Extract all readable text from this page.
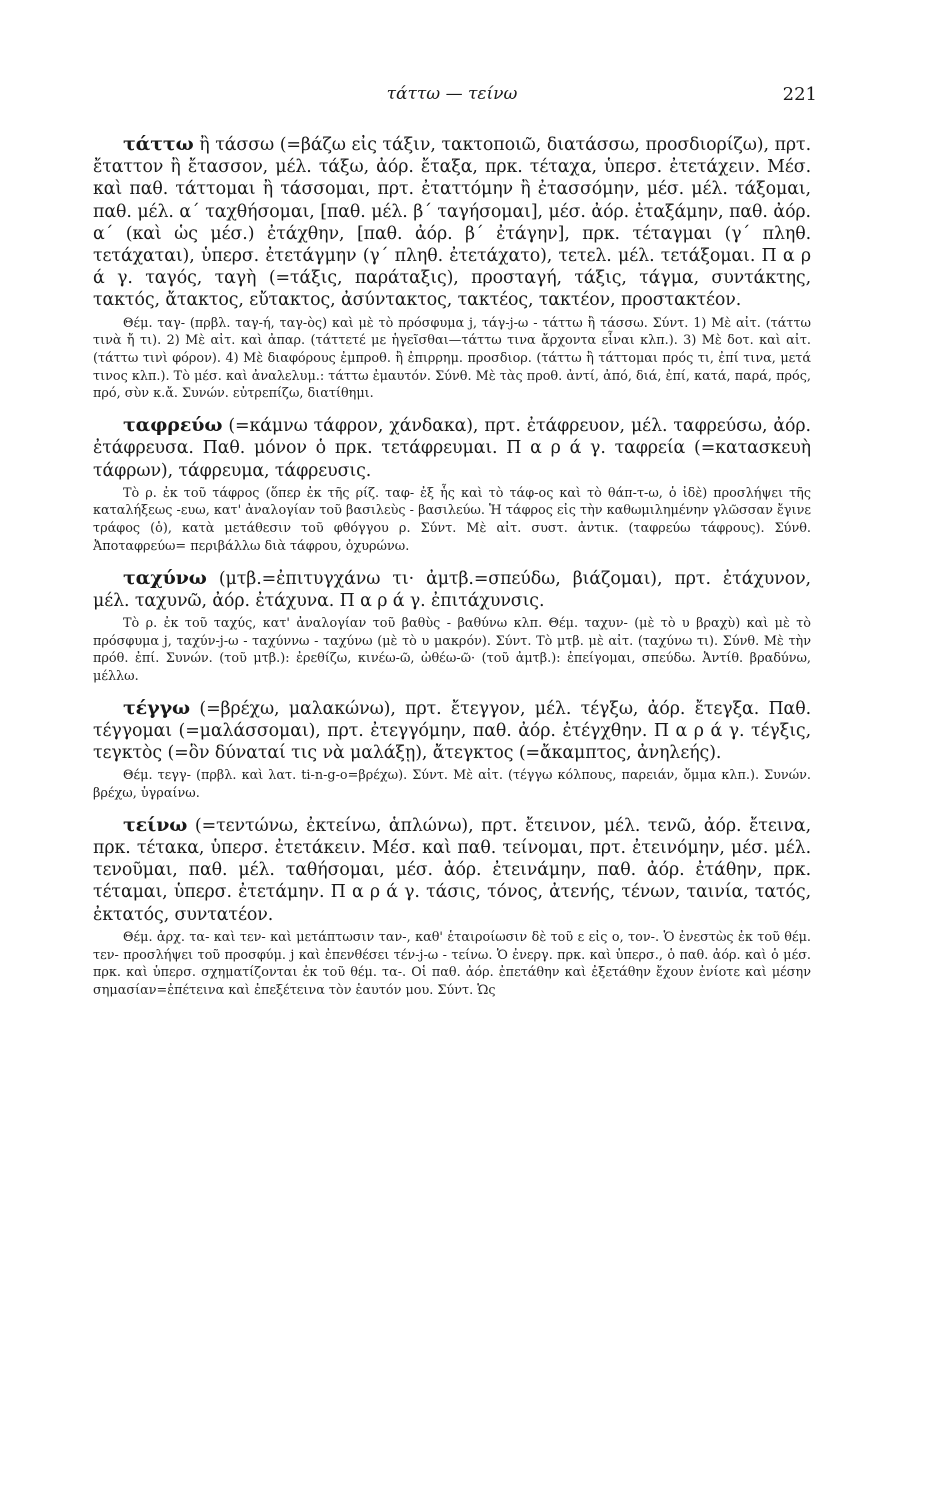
τάττω — τείνω	221

τάττω ἢ τάσσω (=βάζω εἰς τάξιν, τακτοποιῶ, διατάσσω, προσδιορίζω), πρτ. ἔταττον ἢ ἔτασσον, μέλ. τάξω, ἀόρ. ἔταξα, πρκ. τέταχα, ὑπερσ. ἐτετάχειν. Μέσ. καὶ παθ. τάττομαι ἢ τάσσομαι, πρτ. ἐταττόμην ἢ ἐτασσόμην, μέσ. μέλ. τάξομαι, παθ. μέλ. α΄ ταχθήσομαι, [παθ. μέλ. β΄ ταγήσομαι], μέσ. ἀόρ. ἐταξάμην, παθ. ἀόρ. α΄ (καὶ ὡς μέσ.) ἐτάχθην, [παθ. ἀόρ. β΄ ἐτάγην], πρκ. τέταγμαι (γ΄ πληθ. τετάχαται), ὑπερσ. ἐτετάγμην (γ΄ πληθ. ἐτετάχατο), τετελ. μέλ. τετάξομαι. Π α ρ ά γ. ταγός, ταγὴ (=τάξις, παράταξις), προσταγή, τάξις, τάγμα, συντάκτης, τακτός, ἄτακτος, εὔτακτος, ἀσύντακτος, τακτέος, τακτέον, προστακτέον.

Θέμ. ταγ- (πρβλ. ταγ-ή, ταγ-ὸς) καὶ μὲ τὸ πρόσφυμα j, τάγ-j-ω - τάττω ἢ τάσσω. Σύντ. 1) Μὲ αἰτ. (τάττω τινὰ ἤ τι). 2) Μὲ αἰτ. καὶ ἀπαρ. (τάττετέ με ἡγεῖσθαι—τάττω τινα ἄρχοντα εἶναι κλπ.). 3) Μὲ δοτ. καὶ αἰτ. (τάττω τινὶ φόρον). 4) Μὲ διαφόρους ἐμπροθ. ἢ ἐπιρρημ. προσδιορ. (τάττω ἢ τάττομαι πρός τι, ἐπί τινα, μετά τινος κλπ.). Τὸ μέσ. καὶ ἀναλελυμ.: τάττω ἐμαυτόν. Σύνθ. Μὲ τὰς προθ. ἀντί, ἀπό, διά, ἐπί, κατά, παρά, πρός, πρό, σὺν κ.ἄ. Συνών. εὐτρεπίζω, διατίθημι.

ταφρεύω (=κάμνω τάφρον, χάνδακα), πρτ. ἐτάφρευον, μέλ. ταφρεύσω, ἀόρ. ἐτάφρευσα. Παθ. μόνον ὁ πρκ. τετάφρευμαι. Π α ρ ά γ. ταφρεία (=κατασκευὴ τάφρων), τάφρευμα, τάφρευσις.

Τὸ ρ. ἐκ τοῦ τάφρος (ὅπερ ἐκ τῆς ρίζ. ταφ- ἐξ ἧς καὶ τὸ τάφ-ος καὶ τὸ θάπ-τ-ω, ὁ ἰδὲ) προσλήψει τῆς καταλήξεως -ευω, κατ' ἀναλογίαν τοῦ βασιλεὺς - βασιλεύω. Ἡ τάφρος εἰς τὴν καθωμιλημένην γλῶσσαν ἔγινε τράφος (ὁ), κατὰ μετάθεσιν τοῦ φθόγγου ρ. Σύντ. Μὲ αἰτ. συστ. ἀντικ. (ταφρεύω τάφρους). Σύνθ. Ἀποταφρεύω= περιβάλλω διὰ τάφρου, ὀχυρώνω.

ταχύνω (μτβ.=ἐπιτυγχάνω τι· ἀμτβ.=σπεύδω, βιάζομαι), πρτ. ἐτάχυνον, μέλ. ταχυνῶ, ἀόρ. ἐτάχυνα. Π α ρ ά γ. ἐπιτάχυνσις.

Τὸ ρ. ἐκ τοῦ ταχύς, κατ' ἀναλογίαν τοῦ βαθὺς - βαθύνω κλπ. Θέμ. ταχυν- (μὲ τὸ υ βραχὺ) καὶ μὲ τὸ πρόσφυμα j, ταχύν-j-ω - ταχύννω - ταχύνω (μὲ τὸ υ μακρόν). Σύντ. Τὸ μτβ. μὲ αἰτ. (ταχύνω τι). Σύνθ. Μὲ τὴν πρόθ. ἐπί. Συνών. (τοῦ μτβ.): ἐρεθίζω, κινέω-ῶ, ὠθέω-ῶ· (τοῦ ἀμτβ.): ἐπείγομαι, σπεύδω. Ἀντίθ. βραδύνω, μέλλω.

τέγγω (=βρέχω, μαλακώνω), πρτ. ἔτεγγον, μέλ. τέγξω, ἀόρ. ἔτεγξα. Παθ. τέγγομαι (=μαλάσσομαι), πρτ. ἐτεγγόμην, παθ. ἀόρ. ἐτέγχθην. Π α ρ ά γ. τέγξις, τεγκτὸς (=ὃν δύναταί τις νὰ μαλάξῃ), ἄτεγκτος (=ἄκαμπτος, ἀνηλεής).

Θέμ. τεγγ- (πρβλ. καὶ λατ. ti-n-g-o=βρέχω). Σύντ. Μὲ αἰτ. (τέγγω κόλπους, παρειάν, ὄμμα κλπ.). Συνών. βρέχω, ὑγραίνω.

τείνω (=τεντώνω, ἐκτείνω, ἁπλώνω), πρτ. ἔτεινον, μέλ. τενῶ, ἀόρ. ἔτεινα, πρκ. τέτακα, ὑπερσ. ἐτετάκειν. Μέσ. καὶ παθ. τείνομαι, πρτ. ἐτεινόμην, μέσ. μέλ. τενοῦμαι, παθ. μέλ. ταθήσομαι, μέσ. ἀόρ. ἐτεινάμην, παθ. ἀόρ. ἐτάθην, πρκ. τέταμαι, ὑπερσ. ἐτετάμην. Π α ρ ά γ. τάσις, τόνος, ἀτενής, τένων, ταινία, τατός, ἐκτατός, συντατέον.

Θέμ. ἀρχ. τα- καὶ τεν- καὶ μετάπτωσιν ταν-, καθ' ἑταιροίωσιν δὲ τοῦ ε εἰς ο, τον-. Ὁ ἐνεστὼς ἐκ τοῦ θέμ. τεν- προσλήψει τοῦ προσφύμ. j καὶ ἐπενθέσει τέν-j-ω - τείνω. Ὁ ἐνεργ. πρκ. καὶ ὑπερσ., ὁ παθ. ἀόρ. καὶ ὁ μέσ. πρκ. καὶ ὑπερσ. σχηματίζονται ἐκ τοῦ θέμ. τα-. Οἱ παθ. ἀόρ. ἐπετάθην καὶ ἐξετάθην ἔχουν ἐνίοτε καὶ μέσην σημασίαν=ἐπέτεινα καὶ ἐπεξέτεινα τὸν ἑαυτόν μου. Σύντ. Ὡς
